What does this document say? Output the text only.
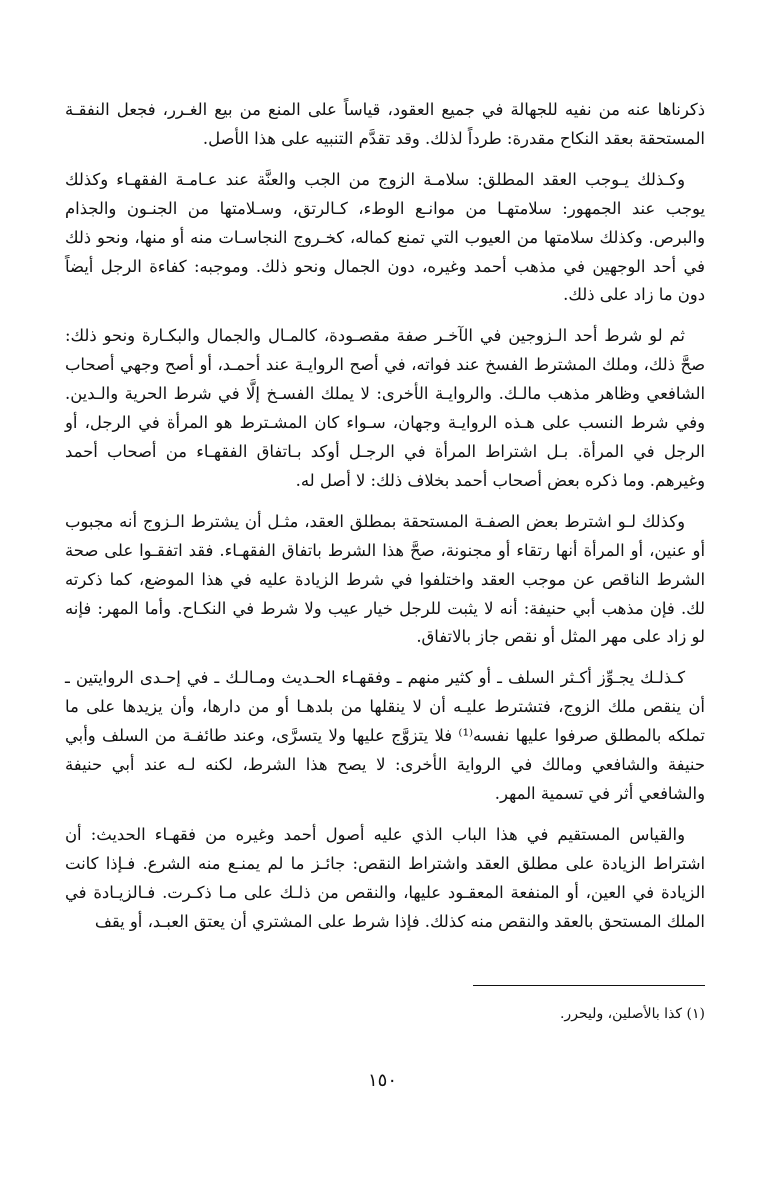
ذكرناها عنه من نفيه للجهالة في جميع العقود، قياساً على المنع من بيع الغـرر، فجعل النفقـة المستحقة بعقد النكاح مقدرة: طرداً لذلك. وقد تقدَّم التنبيه على هذا الأصل.

وكـذلك يـوجب العقد المطلق: سلامـة الزوج من الجب والعنَّة عند عـامـة الفقهـاء وكذلك يوجب عند الجمهور: سلامتهـا من موانـع الوطء، كـالرتق، وسـلامتها من الجنـون والجذام والبرص. وكذلك سلامتها من العيوب التي تمنع كماله، كخـروج النجاسـات منه أو منها، ونحو ذلك في أحد الوجهين في مذهب أحمد وغيره، دون الجمال ونحو ذلك. وموجبه: كفاءة الرجل أيضاً دون ما زاد على ذلك.

ثم لو شرط أحد الـزوجين في الآخـر صفة مقصـودة، كالمـال والجمال والبكـارة ونحو ذلك: صحَّ ذلك، وملك المشترط الفسخ عند فواته، في أصح الروايـة عند أحمـد، أو أصح وجهي أصحاب الشافعي وظاهر مذهب مالـك. والروايـة الأخرى: لا يملك الفسـخ إلَّا في شرط الحرية والـدين. وفي شرط النسب على هـذه الروايـة وجهان، سـواء كان المشـترط هو المرأة في الرجل، أو الرجل في المرأة. بـل اشتراط المرأة في الرجـل أوكد بـاتفاق الفقهـاء من أصحاب أحمد وغيرهم. وما ذكره بعض أصحاب أحمد بخلاف ذلك: لا أصل له.

وكذلك لـو اشترط بعض الصفـة المستحقة بمطلق العقد، مثـل أن يشترط الـزوج أنه مجبوب أو عنين، أو المرأة أنها رتقاء أو مجنونة، صحَّ هذا الشرط باتفاق الفقهـاء. فقد اتفقـوا على صحة الشرط الناقص عن موجب العقد واختلفوا في شرط الزيادة عليه في هذا الموضع، كما ذكرته لك. فإن مذهب أبي حنيفة: أنه لا يثبت للرجل خيار عيب ولا شرط في النكـاح. وأما المهر: فإنه لو زاد على مهر المثل أو نقص جاز بالاتفاق.

كـذلـك يجـوِّز أكـثر السلف ـ أو كثير منهم ـ وفقهـاء الحـديث ومـالـك ـ في إحـدى الروايتين ـ أن ينقص ملك الزوج، فتشترط عليـه أن لا ينقلها من بلدهـا أو من دارها، وأن يزيدها على ما تملكه بالمطلق صرفوا عليها نفسه⁽¹⁾ فلا يتزوَّج عليها ولا يتسرَّى، وعند طائفـة من السلف وأبي حنيفة والشافعي ومالك في الرواية الأخرى: لا يصح هذا الشرط، لكنه لـه عند أبي حنيفة والشافعي أثر في تسمية المهر.

والقياس المستقيم في هذا الباب الذي عليه أصول أحمد وغيره من فقهـاء الحديث: أن اشتراط الزيادة على مطلق العقد واشتراط النقص: جائـز ما لم يمنـع منه الشرع. فـإذا كانت الزيادة في العين، أو المنفعة المعقـود عليها، والنقص من ذلـك على مـا ذكـرت. فـالزيـادة في الملك المستحق بالعقد والنقص منه كذلك. فإذا شرط على المشتري أن يعتق العبـد، أو يقف

(١) كذا بالأصلين، وليحرر.
١٥٠
